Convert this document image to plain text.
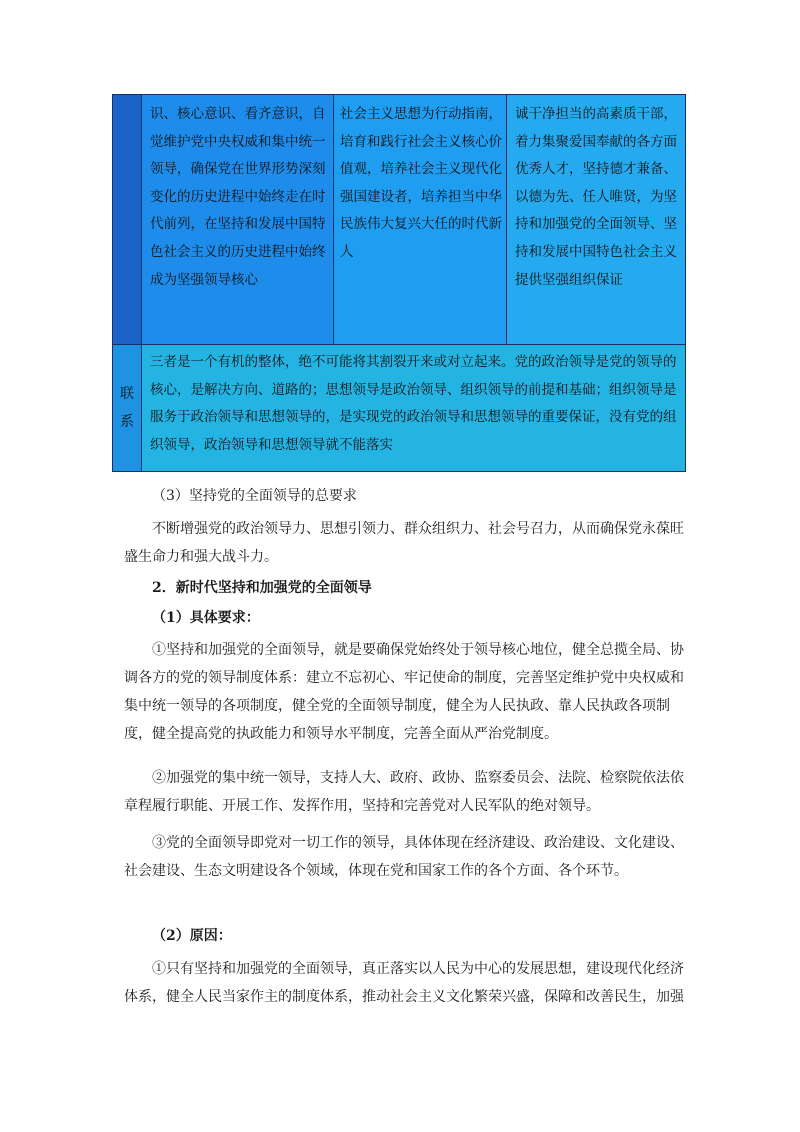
识、核心意识、看齐意识，自觉维护党中央权威和集中统一领导，确保党在世界形势深刻变化的历史进程中始终走在时代前列，在坚持和发展中国特色社会主义的历史进程中始终成为坚强领导核心
社会主义思想为行动指南，培育和践行社会主义核心价值观，培养社会主义现代化强国建设者，培养担当中华民族伟大复兴大任的时代新人
诚干净担当的高素质干部，着力集聚爱国奉献的各方面优秀人才，坚持德才兼备、以德为先、任人唯贤，为坚持和加强党的全面领导、坚持和发展中国特色社会主义提供坚强组织保证
联
系
三者是一个有机的整体，绝不可能将其割裂开来或对立起来。党的政治领导是党的领导的核心，是解决方向、道路的；思想领导是政治领导、组织领导的前提和基础；组织领导是服务于政治领导和思想领导的，是实现党的政治领导和思想领导的重要保证，没有党的组织领导，政治领导和思想领导就不能落实

（3）坚持党的全面领导的总要求

不断增强党的政治领导力、思想引领力、群众组织力、社会号召力，从而确保党永葆旺盛生命力和强大战斗力。

2．新时代坚持和加强党的全面领导

（1）具体要求：

①坚持和加强党的全面领导，就是要确保党始终处于领导核心地位，健全总揽全局、协调各方的党的领导制度体系：建立不忘初心、牢记使命的制度，完善坚定维护党中央权威和集中统一领导的各项制度，健全党的全面领导制度，健全为人民执政、靠人民执政各项制度，健全提高党的执政能力和领导水平制度，完善全面从严治党制度。

②加强党的集中统一领导，支持人大、政府、政协、监察委员会、法院、检察院依法依章程履行职能、开展工作、发挥作用，坚持和完善党对人民军队的绝对领导。

③党的全面领导即党对一切工作的领导，具体体现在经济建设、政治建设、文化建设、社会建设、生态文明建设各个领域，体现在党和国家工作的各个方面、各个环节。

（2）原因：

①只有坚持和加强党的全面领导，真正落实以人民为中心的发展思想，建设现代化经济体系，健全人民当家作主的制度体系，推动社会主义文化繁荣兴盛，保障和改善民生，加强
